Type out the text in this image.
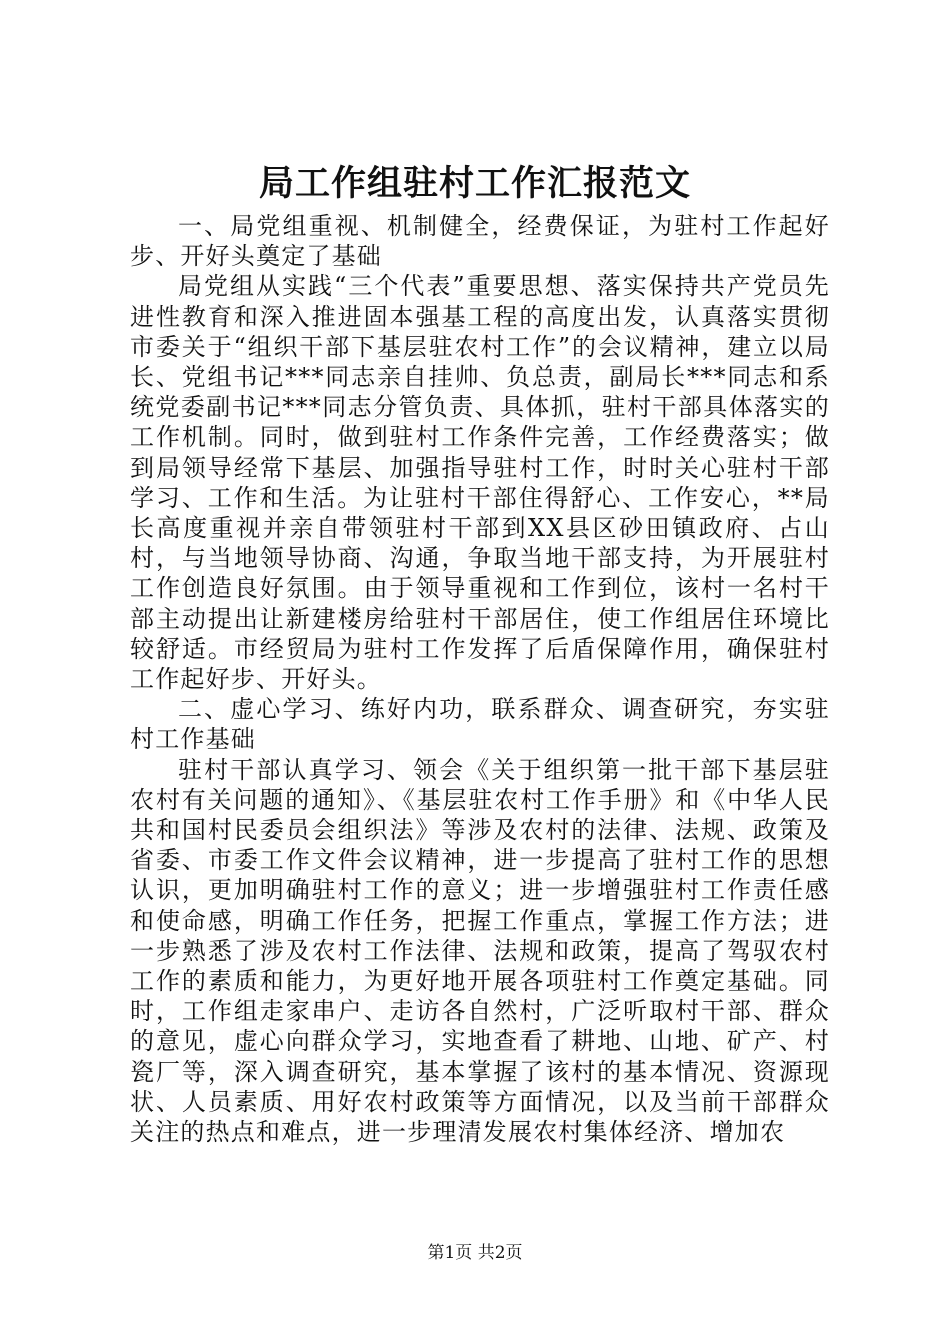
局工作组驻村工作汇报范文

一、局党组重视、机制健全，经费保证，为驻村工作起好步、开好头奠定了基础

局党组从实践“三个代表”重要思想、落实保持共产党员先进性教育和深入推进固本强基工程的高度出发，认真落实贯彻市委关于“组织干部下基层驻农村工作”的会议精神，建立以局长、党组书记***同志亲自挂帅、负总责，副局长***同志和系统党委副书记***同志分管负责、具体抓，驻村干部具体落实的工作机制。同时，做到驻村工作条件完善，工作经费落实；做到局领导经常下基层、加强指导驻村工作，时时关心驻村干部学习、工作和生活。为让驻村干部住得舒心、工作安心，**局长高度重视并亲自带领驻村干部到XX县区砂田镇政府、占山村，与当地领导协商、沟通，争取当地干部支持，为开展驻村工作创造良好氛围。由于领导重视和工作到位，该村一名村干部主动提出让新建楼房给驻村干部居住，使工作组居住环境比较舒适。市经贸局为驻村工作发挥了后盾保障作用，确保驻村工作起好步、开好头。

二、虚心学习、练好内功，联系群众、调查研究，夯实驻村工作基础

驻村干部认真学习、领会《关于组织第一批干部下基层驻农村有关问题的通知》、《基层驻农村工作手册》和《中华人民共和国村民委员会组织法》等涉及农村的法律、法规、政策及省委、市委工作文件会议精神，进一步提高了驻村工作的思想认识，更加明确驻村工作的意义；进一步增强驻村工作责任感和使命感，明确工作任务，把握工作重点，掌握工作方法；进一步熟悉了涉及农村工作法律、法规和政策，提高了驾驭农村工作的素质和能力，为更好地开展各项驻村工作奠定基础。同时，工作组走家串户、走访各自然村，广泛听取村干部、群众的意见，虚心向群众学习，实地查看了耕地、山地、矿产、村瓷厂等，深入调查研究，基本掌握了该村的基本情况、资源现状、人员素质、用好农村政策等方面情况，以及当前干部群众关注的热点和难点，进一步理清发展农村集体经济、增加农

第1页 共2页
